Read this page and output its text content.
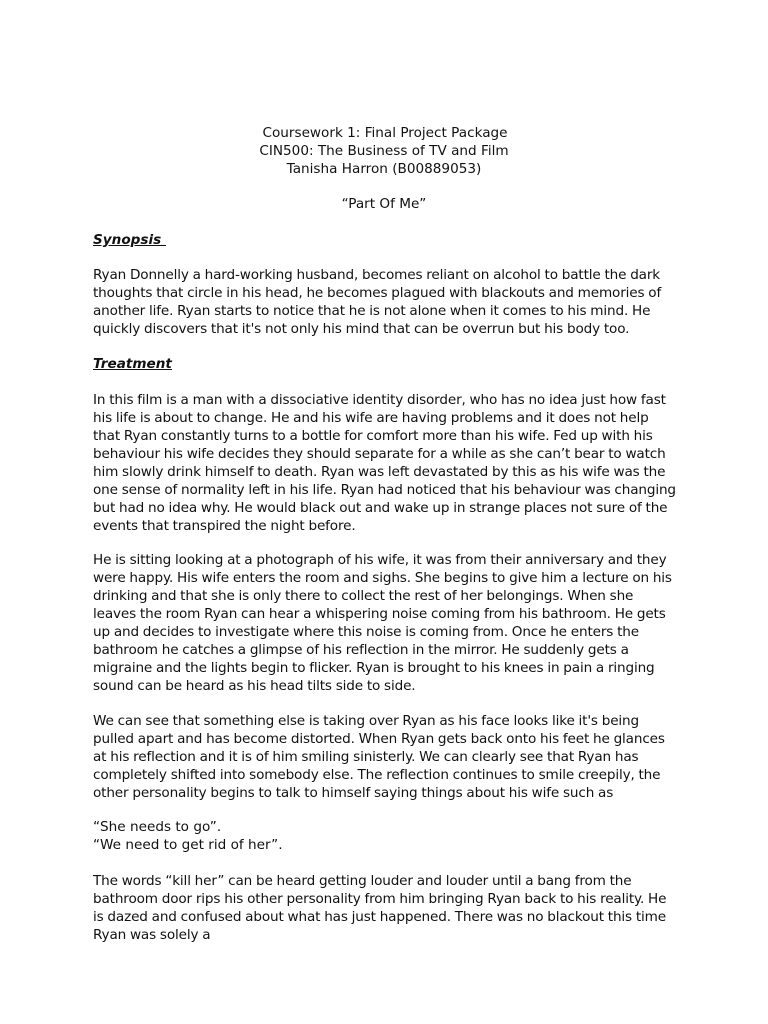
Coursework 1: Final Project Package
CIN500: The Business of TV and Film
Tanisha Harron (B00889053)
“Part Of Me”
Synopsis

Ryan Donnelly a hard-working husband, becomes reliant on alcohol to battle the dark thoughts that circle in his head, he becomes plagued with blackouts and memories of another life. Ryan starts to notice that he is not alone when it comes to his mind. He quickly discovers that it's not only his mind that can be overrun but his body too.

Treatment

In this film is a man with a dissociative identity disorder, who has no idea just how fast his life is about to change. He and his wife are having problems and it does not help that Ryan constantly turns to a bottle for comfort more than his wife. Fed up with his behaviour his wife decides they should separate for a while as she can’t bear to watch him slowly drink himself to death. Ryan was left devastated by this as his wife was the one sense of normality left in his life. Ryan had noticed that his behaviour was changing but had no idea why. He would black out and wake up in strange places not sure of the events that transpired the night before.

He is sitting looking at a photograph of his wife, it was from their anniversary and they were happy. His wife enters the room and sighs. She begins to give him a lecture on his drinking and that she is only there to collect the rest of her belongings. When she leaves the room Ryan can hear a whispering noise coming from his bathroom. He gets up and decides to investigate where this noise is coming from. Once he enters the bathroom he catches a glimpse of his reflection in the mirror. He suddenly gets a migraine and the lights begin to flicker. Ryan is brought to his knees in pain a ringing sound can be heard as his head tilts side to side.

We can see that something else is taking over Ryan as his face looks like it's being pulled apart and has become distorted. When Ryan gets back onto his feet he glances at his reflection and it is of him smiling sinisterly. We can clearly see that Ryan has completely shifted into somebody else. The reflection continues to smile creepily, the other personality begins to talk to himself saying things about his wife such as

“She needs to go”.
“We need to get rid of her”.

The words “kill her” can be heard getting louder and louder until a bang from the bathroom door rips his other personality from him bringing Ryan back to his reality. He is dazed and confused about what has just happened. There was no blackout this time Ryan was solely a
